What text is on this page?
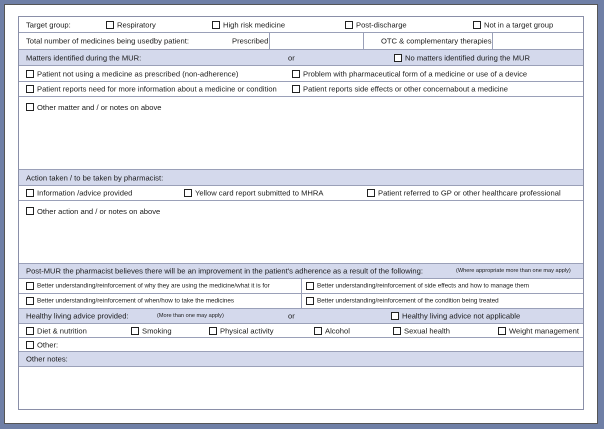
Target group:	Respiratory	High risk medicine	Post-discharge	Not in a target group
Total number of medicines being usedby patient:	Prescribed	OTC & complementary therapies
Matters identified during the MUR:	or	No matters identified during the MUR
Patient not using a medicine as prescribed (non-adherence)	Problem with pharmaceutical form of a medicine or use of a device
Patient reports need for more information about a medicine or condition	Patient reports side effects or other concernabout a medicine
Other matter and / or notes on above
Action taken / to be taken by pharmacist:
Information /advice provided	Yellow card report submitted to MHRA	Patient referred to GP or other healthcare professional
Other action and / or notes on above
Post-MUR the pharmacist believes there will be an improvement in the patient's adherence as a result of the following:	(Where appropriate more than one may apply)
Better understanding/reinforcement of why they are using the medicine/what it is for	Better understanding/reinforcement of side effects and how to manage them
Better understanding/reinforcement of when/how to take the medicines	Better understanding/reinforcement of the condition being treated
Healthy living advice provided:	(More than one may apply)	or	Healthy living advice not applicable
Diet & nutrition	Smoking	Physical activity	Alcohol	Sexual health	Weight management
Other:
Other notes:
